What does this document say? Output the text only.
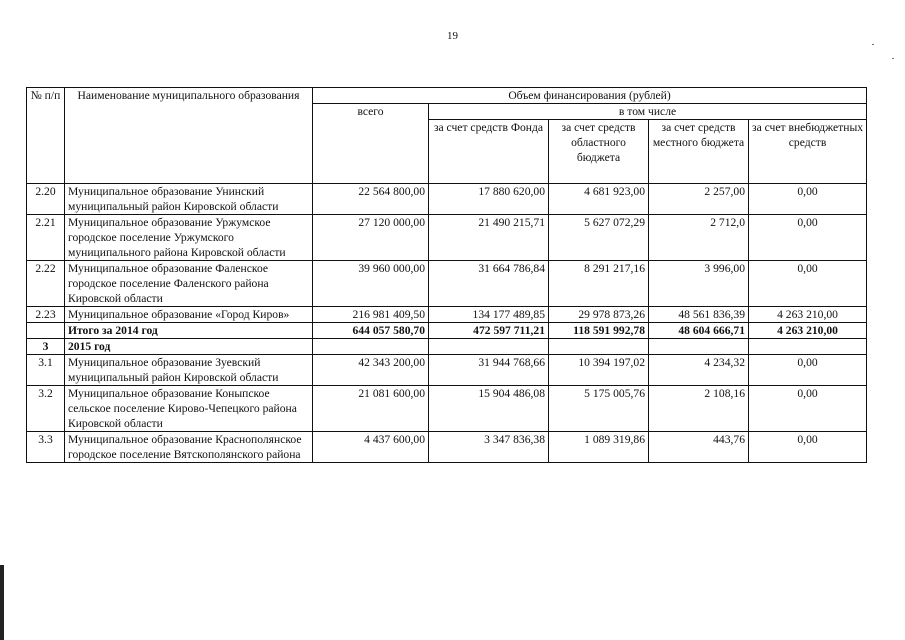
19
№ п/п	Наименование муниципального образования	Объем финансирования (рублей)				
		всего	в том числе			
			за счет средств Фонда	за счет средств областного бюджета	за счет средств местного бюджета	за счет внебюджетных средств
2.20	Муниципальное образование Унинский муниципальный район Кировской области	22 564 800,00	17 880 620,00	4 681 923,00	2 257,00	0,00
2.21	Муниципальное образование Уржумское городское поселение Уржумского муниципального района Кировской области	27 120 000,00	21 490 215,71	5 627 072,29	2 712,0	0,00
2.22	Муниципальное образование Фаленское городское поселение Фаленского района Кировской области	39 960 000,00	31 664 786,84	8 291 217,16	3 996,00	0,00
2.23	Муниципальное образование «Город Киров»	216 981 409,50	134 177 489,85	29 978 873,26	48 561 836,39	4 263 210,00
	Итого за 2014 год	644 057 580,70	472 597 711,21	118 591 992,78	48 604 666,71	4 263 210,00
3	2015 год					
3.1	Муниципальное образование Зуевский муниципальный район Кировской области	42 343 200,00	31 944 768,66	10 394 197,02	4 234,32	0,00
3.2	Муниципальное образование Коныпское сельское поселение Кирово-Чепецкого района Кировской области	21 081 600,00	15 904 486,08	5 175 005,76	2 108,16	0,00
3.3	Муниципальное образование Краснополянское городское поселение Вятскополянского района	4 437 600,00	3 347 836,38	1 089 319,86	443,76	0,00
